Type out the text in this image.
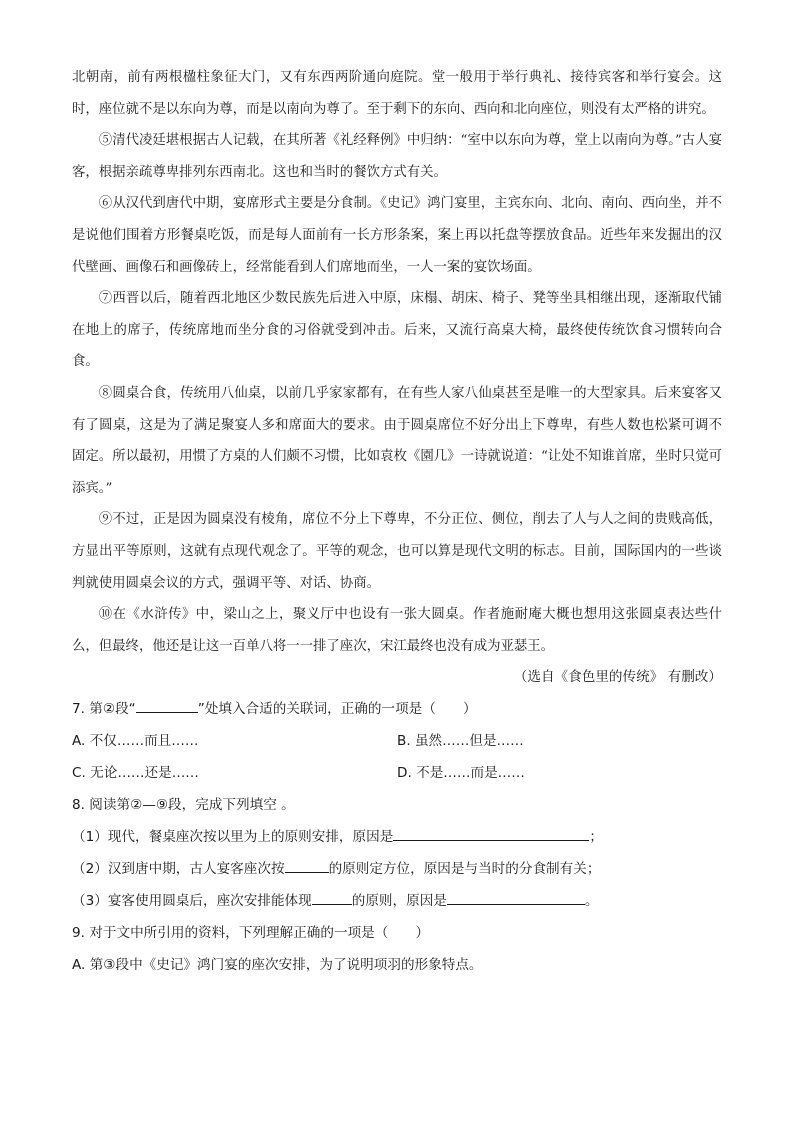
北朝南，前有两根楹柱象征大门，又有东西两阶通向庭院。堂一般用于举行典礼、接待宾客和举行宴会。这时，座位就不是以东向为尊，而是以南向为尊了。至于剩下的东向、西向和北向座位，则没有太严格的讲究。

⑤清代凌廷堪根据古人记载，在其所著《礼经释例》中归纳：“室中以东向为尊，堂上以南向为尊。”古人宴客，根据亲疏尊卑排列东西南北。这也和当时的餐饮方式有关。

⑥从汉代到唐代中期，宴席形式主要是分食制。《史记》鸿门宴里，主宾东向、北向、南向、西向坐，并不是说他们围着方形餐桌吃饭，而是每人面前有一长方形条案，案上再以托盘等摆放食品。近些年来发掘出的汉代壁画、画像石和画像砖上，经常能看到人们席地而坐，一人一案的宴饮场面。

⑦西晋以后，随着西北地区少数民族先后进入中原，床榻、胡床、椅子、凳等坐具相继出现，逐渐取代铺在地上的席子，传统席地而坐分食的习俗就受到冲击。后来，又流行高桌大椅，最终使传统饮食习惯转向合食。

⑧圆桌合食，传统用八仙桌，以前几乎家家都有，在有些人家八仙桌甚至是唯一的大型家具。后来宴客又有了圆桌，这是为了满足聚宴人多和席面大的要求。由于圆桌席位不好分出上下尊卑，有些人数也松紧可调不固定。所以最初，用惯了方桌的人们颇不习惯，比如袁枚《園几》一诗就说道：“让处不知谁首席，坐时只觉可添宾。”

⑨不过，正是因为圆桌没有棱角，席位不分上下尊卑，不分正位、侧位，削去了人与人之间的贵贱高低，方显出平等原则，这就有点现代观念了。平等的观念，也可以算是现代文明的标志。目前，国际国内的一些谈判就使用圆桌会议的方式，强调平等、对话、协商。

⑩在《水浒传》中，梁山之上，聚义厅中也设有一张大圆桌。作者施耐庵大概也想用这张圆桌表达些什么，但最终，他还是让这一百单八将一一排了座次，宋江最终也没有成为亚瑟王。

（选自《食色里的传统》 有删改）

7. 第②段“	”处填入合适的关联词，正确的一项是（　　）

A. 不仅……而且……	B. 虽然……但是……
C. 无论……还是……	D. 不是……而是……

8. 阅读第②—⑨段，完成下列填空 。

（1）现代，餐桌座次按以里为上的原则安排，原因是	；

（2）汉到唐中期，古人宴客座次按	的原则定方位，原因是与当时的分食制有关；

（3）宴客使用圆桌后，座次安排能体现	的原则，原因是	。

9. 对于文中所引用的资料，下列理解正确的一项是（　　）

A. 第③段中《史记》鸿门宴的座次安排，为了说明项羽的形象特点。
